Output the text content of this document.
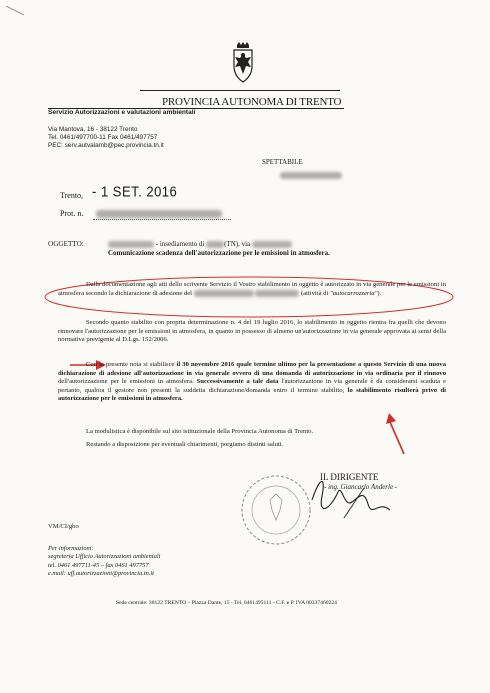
PROVINCIA AUTONOMA DI TRENTO
Servizio Autorizzazioni e valutazioni ambientali
Via Mantova, 16 - 38122 Trento
Tel. 0461/497700-11 Fax 0461/497757
PEC: serv.autvalamb@pec.provincia.tn.it
SPETTABILE
Trento, - 1 SET. 2016
Prot. n.
OGGETTO:	- insediamento di	(TN), via
Comunicazione scadenza dell'autorizzazione per le emissioni in atmosfera.
Dalla documentazione agli atti dello scrivente Servizio il Vostro stabilimento in oggetto è autorizzato in via generale per le emissioni in atmosfera secondo la dichiarazione di adesione del	(attività di "autocarrozzeria").
Secondo quanto stabilito con propria determinazione n. 4 del 19 luglio 2016, lo stabilimento in oggetto rientra fra quelli che devono rinnovare l'autorizzazione per le emissioni in atmosfera, in quanto in possesso di almeno un'autorizzazione in via generale approvata ai sensi della normativa previgente al D.Lgs. 152/2006.
Con la presente nota si stabilisce il 30 novembre 2016 quale termine ultimo per la presentazione a questo Servizio di una nuova dichiarazione di adesione all'autorizzazione in via generale ovvero di una domanda di autorizzazione in via ordinaria per il rinnovo dell'autorizzazione per le emissioni in atmosfera. Successivamente a tale data l'autorizzazione in via generale è da considerarsi scaduta e pertanto, qualora il gestore non presenti la suddetta dichiarazione/domanda entro il termine stabilito, lo stabilimento risulterà privo di autorizzazione per le emissioni in atmosfera.
La modulistica è disponibile sul sito istituzionale della Provincia Autonoma di Trento.
Restando a disposizione per eventuali chiarimenti, porgiamo distinti saluti.
IL DIRIGENTE
- ing. Giancarlo Anderle -
VM/CI/gbo
Per informazioni:
segreteria Ufficio Autorizzazioni ambientali
tel. 0461 497711-45 – fax 0461 497757
e.mail: uff.autorizzazioni@provincia.tn.it
Sede centrale: 38122 TRENTO – Piazza Dante, 15 - Tel. 0461495111 - C.F. e P. IVA 00337460224
